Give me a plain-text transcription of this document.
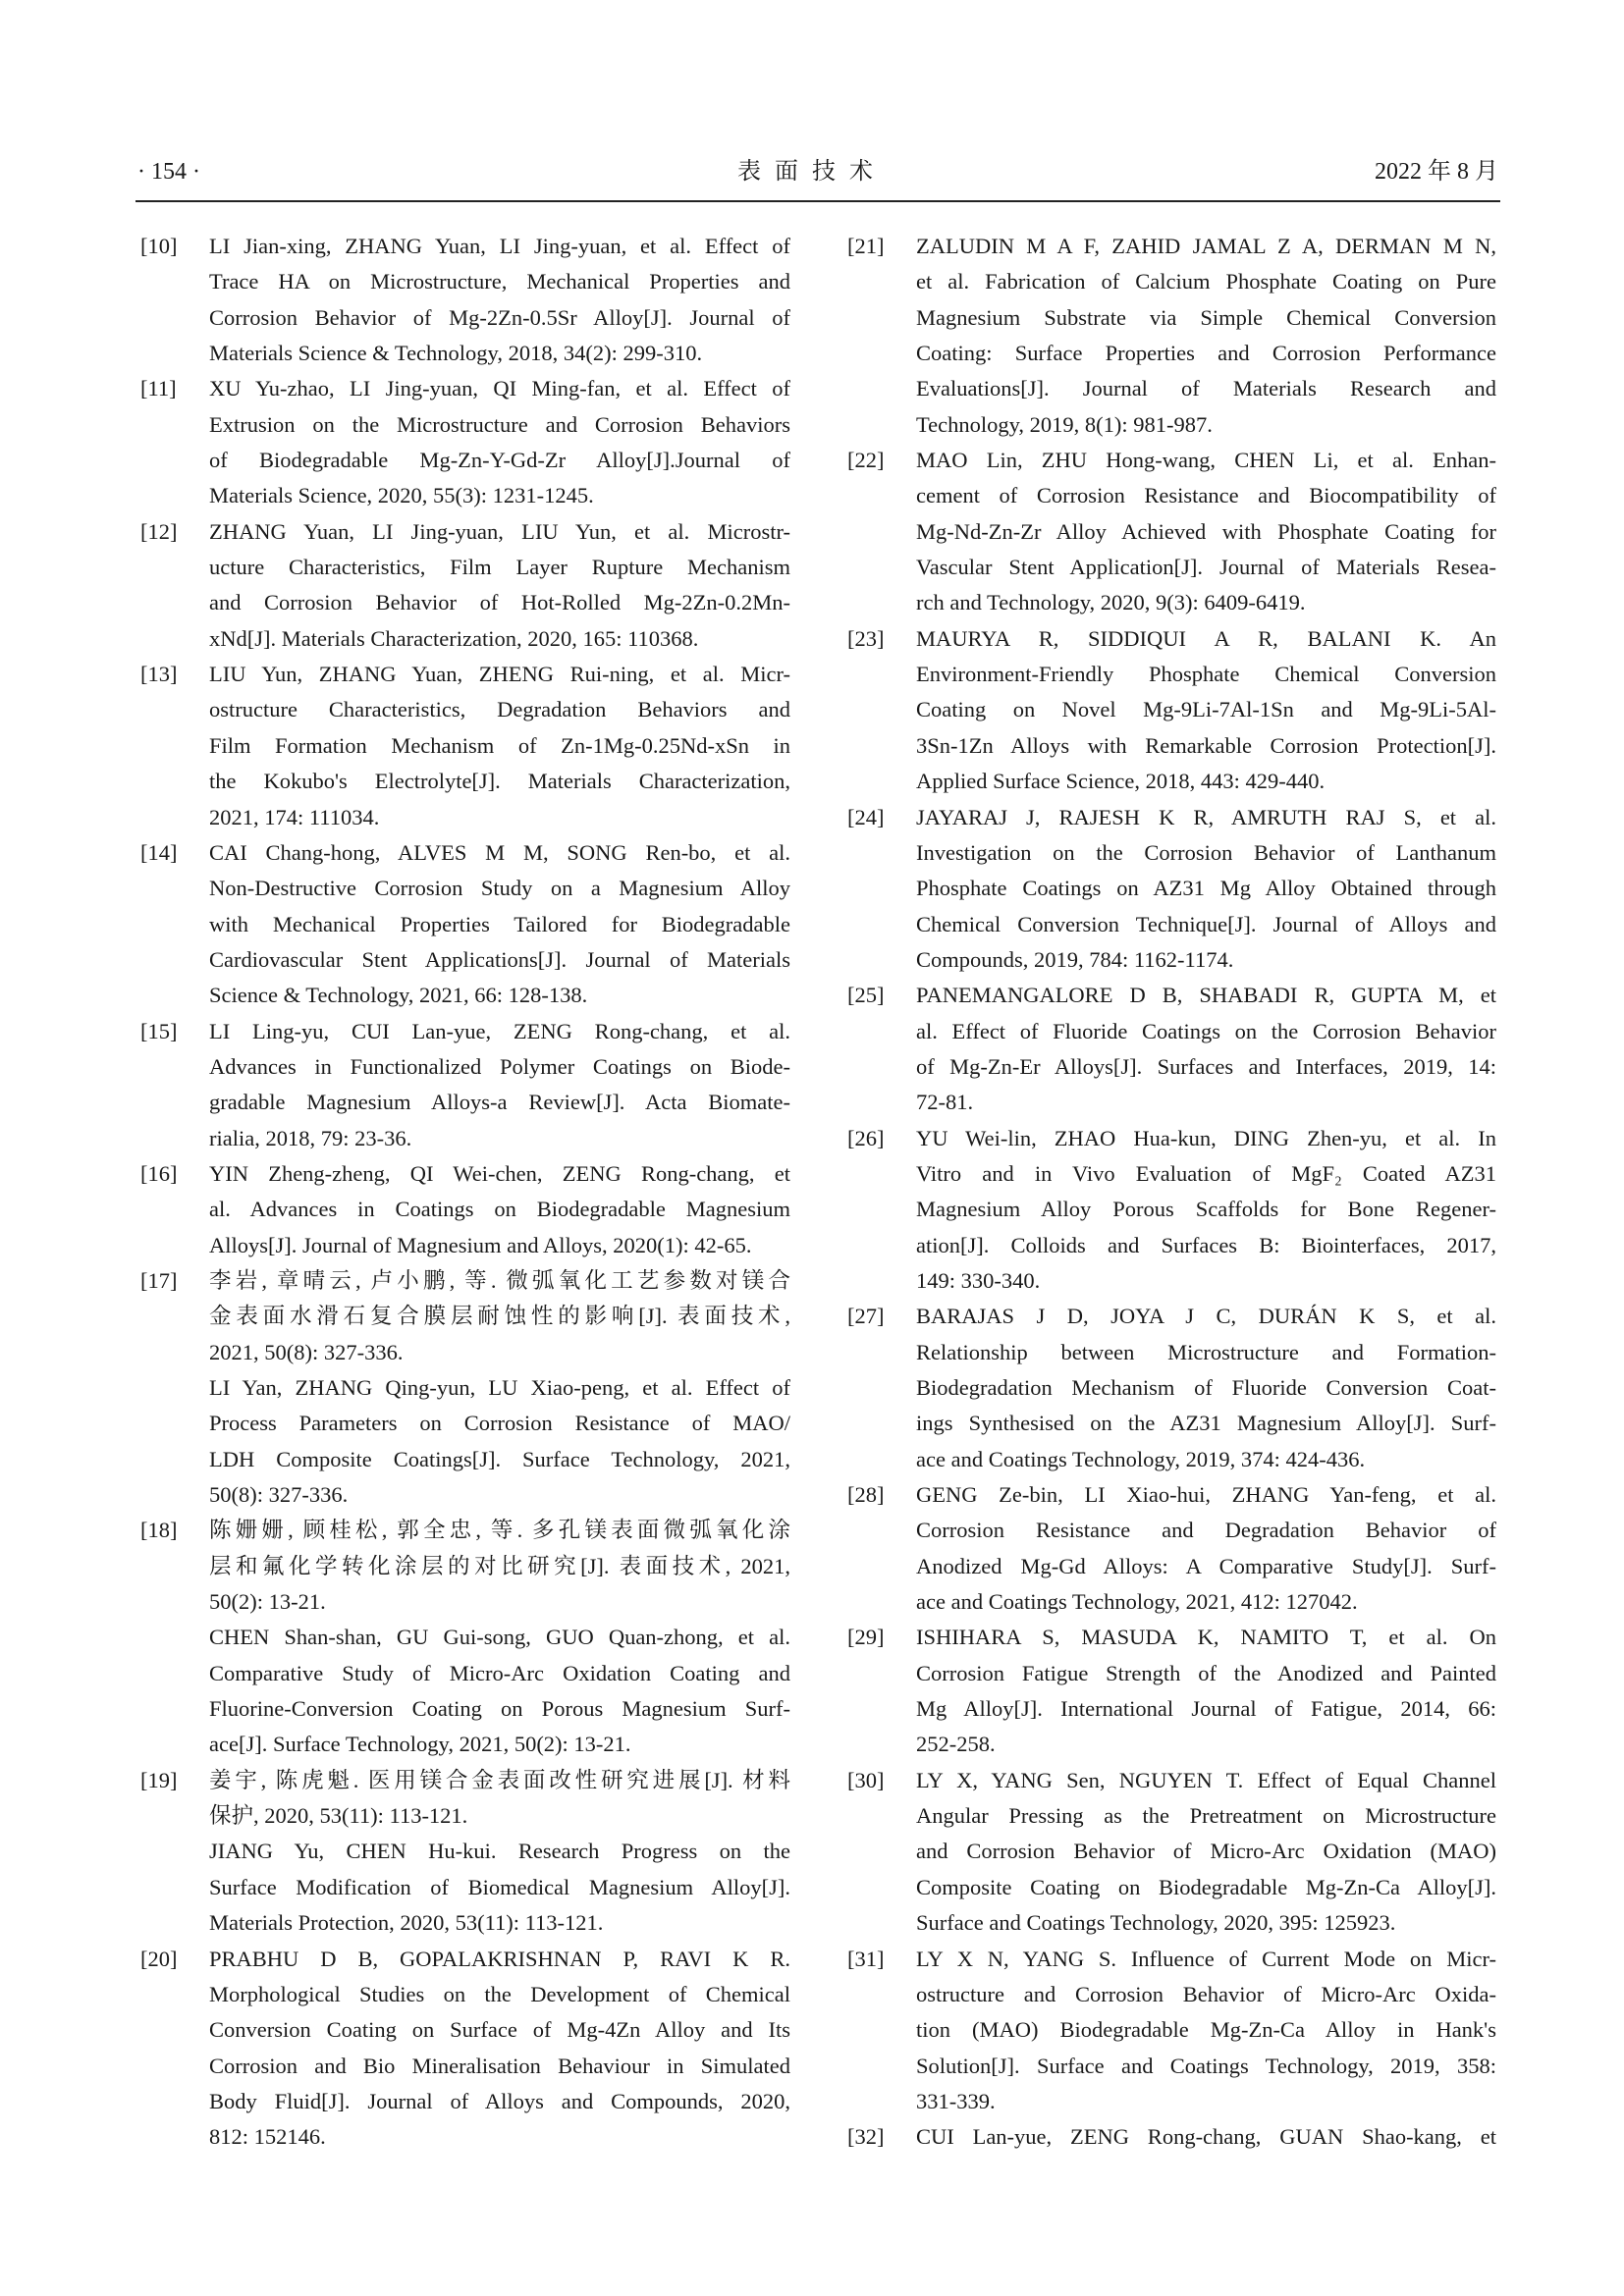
· 154 ·	表面技术	2022 年 8 月
[10] LI Jian-xing, ZHANG Yuan, LI Jing-yuan, et al. Effect of
Trace HA on Microstructure, Mechanical Properties and
Corrosion Behavior of Mg-2Zn-0.5Sr Alloy[J]. Journal of
Materials Science & Technology, 2018, 34(2): 299-310.
[11] XU Yu-zhao, LI Jing-yuan, QI Ming-fan, et al. Effect of
Extrusion on the Microstructure and Corrosion Behaviors
of Biodegradable Mg-Zn-Y-Gd-Zr Alloy[J].Journal of
Materials Science, 2020, 55(3): 1231-1245.
[12] ZHANG Yuan, LI Jing-yuan, LIU Yun, et al. Microstr-
ucture Characteristics, Film Layer Rupture Mechanism
and Corrosion Behavior of Hot-Rolled Mg-2Zn-0.2Mn-
xNd[J]. Materials Characterization, 2020, 165: 110368.
[13] LIU Yun, ZHANG Yuan, ZHENG Rui-ning, et al. Micr-
ostructure Characteristics, Degradation Behaviors and
Film Formation Mechanism of Zn-1Mg-0.25Nd-xSn in
the Kokubo's Electrolyte[J]. Materials Characterization,
2021, 174: 111034.
[14] CAI Chang-hong, ALVES M M, SONG Ren-bo, et al.
Non-Destructive Corrosion Study on a Magnesium Alloy
with Mechanical Properties Tailored for Biodegradable
Cardiovascular Stent Applications[J]. Journal of Materials
Science & Technology, 2021, 66: 128-138.
[15] LI Ling-yu, CUI Lan-yue, ZENG Rong-chang, et al.
Advances in Functionalized Polymer Coatings on Biode-
gradable Magnesium Alloys-a Review[J]. Acta Biomate-
rialia, 2018, 79: 23-36.
[16] YIN Zheng-zheng, QI Wei-chen, ZENG Rong-chang, et
al. Advances in Coatings on Biodegradable Magnesium
Alloys[J]. Journal of Magnesium and Alloys, 2020(1): 42-65.
[17] 李岩, 章晴云, 卢小鹏, 等. 微弧氧化工艺参数对镁合
金表面水滑石复合膜层耐蚀性的影响[J]. 表面技术,
2021, 50(8): 327-336.
LI Yan, ZHANG Qing-yun, LU Xiao-peng, et al. Effect of
Process Parameters on Corrosion Resistance of MAO/
LDH Composite Coatings[J]. Surface Technology, 2021,
50(8): 327-336.
[18] 陈姗姗, 顾桂松, 郭全忠, 等. 多孔镁表面微弧氧化涂
层和氟化学转化涂层的对比研究[J]. 表面技术, 2021,
50(2): 13-21.
CHEN Shan-shan, GU Gui-song, GUO Quan-zhong, et al.
Comparative Study of Micro-Arc Oxidation Coating and
Fluorine-Conversion Coating on Porous Magnesium Surf-
ace[J]. Surface Technology, 2021, 50(2): 13-21.
[19] 姜宇, 陈虎魁. 医用镁合金表面改性研究进展[J]. 材料
保护, 2020, 53(11): 113-121.
JIANG Yu, CHEN Hu-kui. Research Progress on the
Surface Modification of Biomedical Magnesium Alloy[J].
Materials Protection, 2020, 53(11): 113-121.
[20] PRABHU D B, GOPALAKRISHNAN P, RAVI K R.
Morphological Studies on the Development of Chemical
Conversion Coating on Surface of Mg-4Zn Alloy and Its
Corrosion and Bio Mineralisation Behaviour in Simulated
Body Fluid[J]. Journal of Alloys and Compounds, 2020,
812: 152146.
[21] ZALUDIN M A F, ZAHID JAMAL Z A, DERMAN M N,
et al. Fabrication of Calcium Phosphate Coating on Pure
Magnesium Substrate via Simple Chemical Conversion
Coating: Surface Properties and Corrosion Performance
Evaluations[J]. Journal of Materials Research and
Technology, 2019, 8(1): 981-987.
[22] MAO Lin, ZHU Hong-wang, CHEN Li, et al. Enhan-
cement of Corrosion Resistance and Biocompatibility of
Mg-Nd-Zn-Zr Alloy Achieved with Phosphate Coating for
Vascular Stent Application[J]. Journal of Materials Resea-
rch and Technology, 2020, 9(3): 6409-6419.
[23] MAURYA R, SIDDIQUI A R, BALANI K. An
Environment-Friendly Phosphate Chemical Conversion
Coating on Novel Mg-9Li-7Al-1Sn and Mg-9Li-5Al-
3Sn-1Zn Alloys with Remarkable Corrosion Protection[J].
Applied Surface Science, 2018, 443: 429-440.
[24] JAYARAJ J, RAJESH K R, AMRUTH RAJ S, et al.
Investigation on the Corrosion Behavior of Lanthanum
Phosphate Coatings on AZ31 Mg Alloy Obtained through
Chemical Conversion Technique[J]. Journal of Alloys and
Compounds, 2019, 784: 1162-1174.
[25] PANEMANGALORE D B, SHABADI R, GUPTA M, et
al. Effect of Fluoride Coatings on the Corrosion Behavior
of Mg-Zn-Er Alloys[J]. Surfaces and Interfaces, 2019, 14:
72-81.
[26] YU Wei-lin, ZHAO Hua-kun, DING Zhen-yu, et al. In
Vitro and in Vivo Evaluation of MgF₂ Coated AZ31
Magnesium Alloy Porous Scaffolds for Bone Regener-
ation[J]. Colloids and Surfaces B: Biointerfaces, 2017,
149: 330-340.
[27] BARAJAS J D, JOYA J C, DURÁN K S, et al.
Relationship between Microstructure and Formation-
Biodegradation Mechanism of Fluoride Conversion Coat-
ings Synthesised on the AZ31 Magnesium Alloy[J]. Surf-
ace and Coatings Technology, 2019, 374: 424-436.
[28] GENG Ze-bin, LI Xiao-hui, ZHANG Yan-feng, et al.
Corrosion Resistance and Degradation Behavior of
Anodized Mg-Gd Alloys: A Comparative Study[J]. Surf-
ace and Coatings Technology, 2021, 412: 127042.
[29] ISHIHARA S, MASUDA K, NAMITO T, et al. On
Corrosion Fatigue Strength of the Anodized and Painted
Mg Alloy[J]. International Journal of Fatigue, 2014, 66:
252-258.
[30] LY X, YANG Sen, NGUYEN T. Effect of Equal Channel
Angular Pressing as the Pretreatment on Microstructure
and Corrosion Behavior of Micro-Arc Oxidation (MAO)
Composite Coating on Biodegradable Mg-Zn-Ca Alloy[J].
Surface and Coatings Technology, 2020, 395: 125923.
[31] LY X N, YANG S. Influence of Current Mode on Micr-
ostructure and Corrosion Behavior of Micro-Arc Oxida-
tion (MAO) Biodegradable Mg-Zn-Ca Alloy in Hank's
Solution[J]. Surface and Coatings Technology, 2019, 358:
331-339.
[32] CUI Lan-yue, ZENG Rong-chang, GUAN Shao-kang, et
